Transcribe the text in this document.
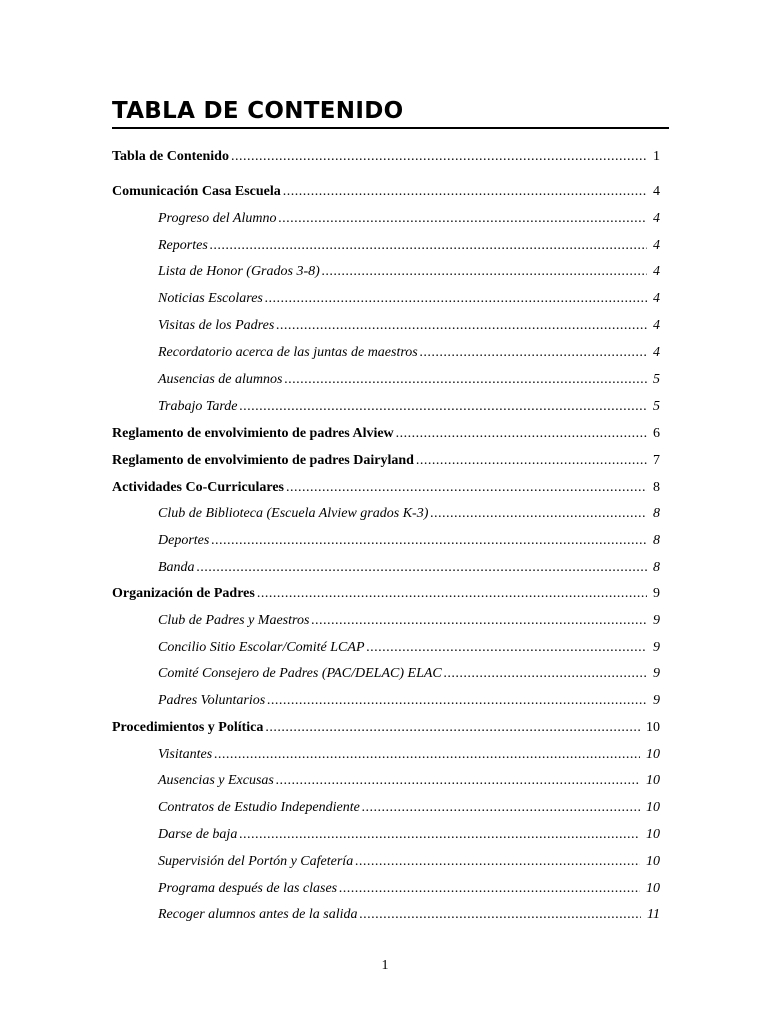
TABLA DE CONTENIDO
Tabla de Contenido . . .	1
Comunicación Casa Escuela . . .	4
Progreso del Alumno . . .	4
Reportes . . .	4
Lista de Honor (Grados 3-8) . . .	4
Noticias Escolares . . .	4
Visitas de los Padres . . .	4
Recordatorio acerca de las juntas de maestros . . .	4
Ausencias de alumnos . . .	5
Trabajo Tarde . . .	5
Reglamento de envolvimiento de padres Alview . . .	6
Reglamento de envolvimiento de padres Dairyland . . .	7
Actividades Co-Curriculares . . .	8
Club de Biblioteca (Escuela Alview grados K-3) . . .	8
Deportes . . .	8
Banda . . .	8
Organización de Padres . . .	9
Club de Padres y Maestros . . .	9
Concilio Sitio Escolar/Comité LCAP . . .	9
Comité Consejero de Padres (PAC/DELAC) ELAC . . .	9
Padres Voluntarios . . .	9
Procedimientos y Política . . .	10
Visitantes . . .	10
Ausencias y Excusas . . .	10
Contratos de Estudio Independiente . . .	10
Darse de baja . . .	10
Supervisión del Portón y Cafetería . . .	10
Programa después de las clases . . .	10
Recoger alumnos antes de la salida . . .	11
1
